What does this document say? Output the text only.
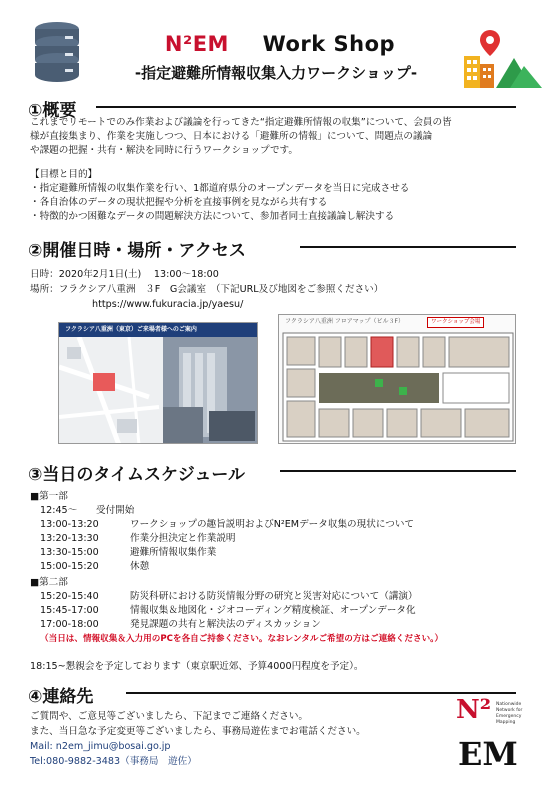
N²EM Work Shop
-指定避難所情報収集入力ワークショップ-
①概要
これまでリモートでのみ作業および議論を行ってきた“指定避難所情報の収集”について、会員の皆
様が直接集まり、作業を実施しつつ、日本における「避難所の情報」について、問題点の議論
や課題の把握・共有・解決を同時に行うワークショップです。
【目標と目的】
・指定避難所情報の収集作業を行い、1都道府県分のオープンデータを当日に完成させる
・各自治体のデータの現状把握や分析を直接事例を見ながら共有する
・特徴的かつ困難なデータの問題解決方法について、参加者同士直接議論し解決する
②開催日時・場所・アクセス
日時：2020年2月1日(土)　 13:00～18:00
場所：フラクシア八重洲　３F　G会議室　（下記URL及び地図をご参照ください）
https://www.fukuracia.jp/yaesu/
フクラシア八重洲（東京）ご来場者様へのご案内
フクラシア八重洲 フロアマップ（ビル３F）	ワークショップ会場
③当日のタイムスケジュール
■第一部
12:45～ 受付開始
13:00-13:20	ワークショップの趣旨説明およびN²EMデータ収集の現状について
13:20-13:30	作業分担決定と作業説明
13:30-15:00	避難所情報収集作業
15:00-15:20	休憩
■第二部
15:20-15:40	防災科研における防災情報分野の研究と災害対応について（講演）
15:45-17:00	情報収集＆地図化・ジオコーディング精度検証、オープンデータ化
17:00-18:00	発見課題の共有と解決法のディスカッション
（当日は、情報収集＆入力用のPCを各自ご持参ください。なおレンタルご希望の方はご連絡ください。）
18:15~懇親会を予定しております（東京駅近郊、予算4000円程度を予定）。
④連絡先
ご質問や、ご意見等ございましたら、下記までご連絡ください。
また、当日急な予定変更等ございましたら、事務局遊佐までお電話ください。
Mail: n2em_jimu@bosai.go.jp
Tel:080-9882-3483（事務局　遊佐）
N² Nationwide Network for Emergency Mapping
EM
